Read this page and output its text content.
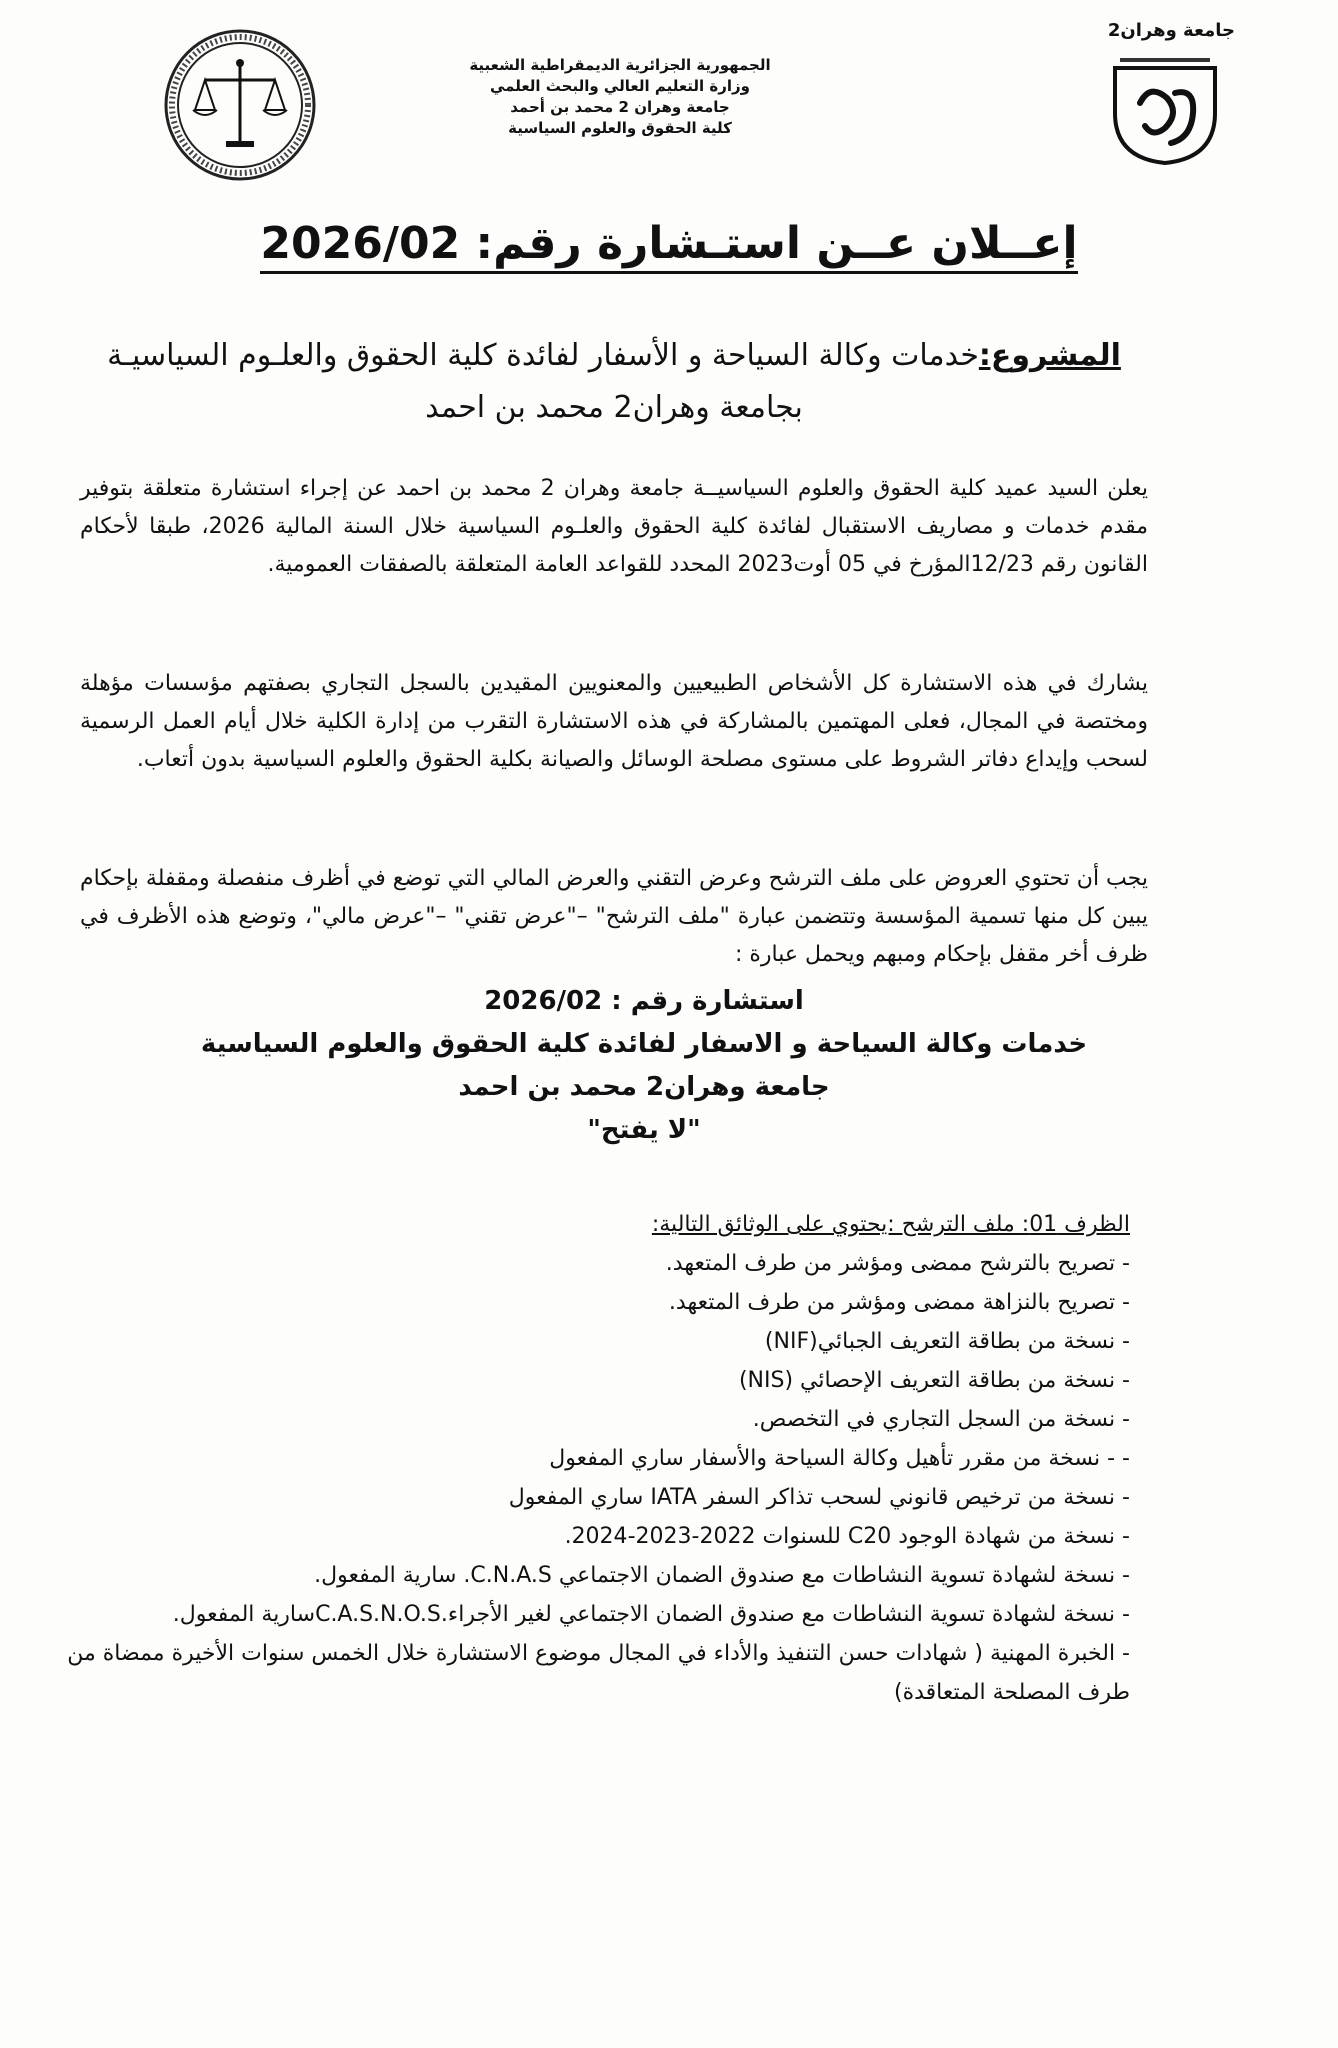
جامعة وهران2
الجمهورية الجزائرية الديمقراطية الشعبية
وزارة التعليم العالي والبحث العلمي
جامعة وهران 2 محمد بن أحمد
كلية الحقوق والعلوم السياسية
إعــلان عــن استـشارة رقم: 2026/02
المشروع:خدمات وكالة السياحة و الأسفار لفائدة كلية الحقوق والعلـوم السياسيـة بجامعة وهران2 محمد بن احمد
يعلن السيد عميد كلية الحقوق والعلوم السياسيــة جامعة وهران 2 محمد بن احمد عن إجراء استشارة متعلقة بتوفير مقدم خدمات و مصاريف الاستقبال لفائدة كلية الحقوق والعلـوم السياسية خلال السنة المالية 2026، طبقا لأحكام القانون رقم 12/23المؤرخ في 05 أوت2023 المحدد للقواعد العامة المتعلقة بالصفقات العمومية.
يشارك في هذه الاستشارة كل الأشخاص الطبيعيين والمعنويين المقيدين بالسجل التجاري بصفتهم مؤسسات مؤهلة ومختصة في المجال، فعلى المهتمين بالمشاركة في هذه الاستشارة التقرب من إدارة الكلية خلال أيام العمل الرسمية لسحب وإيداع دفاتر الشروط على مستوى مصلحة الوسائل والصيانة بكلية الحقوق والعلوم السياسية بدون أتعاب.
يجب أن تحتوي العروض على ملف الترشح وعرض التقني والعرض المالي التي توضع في أظرف منفصلة ومقفلة بإحكام يبين كل منها تسمية المؤسسة وتتضمن عبارة "ملف الترشح" –"عرض تقني" –"عرض مالي"، وتوضع هذه الأظرف في ظرف أخر مقفل بإحكام ومبهم ويحمل عبارة :
استشارة رقم : 2026/02
خدمات وكالة السياحة و الاسفار لفائدة كلية الحقوق والعلوم السياسية
جامعة وهران2 محمد بن احمد
"لا يفتح"
الظرف 01: ملف الترشح :يحتوي على الوثائق التالية:
- تصريح بالترشح ممضى ومؤشر من طرف المتعهد.
- تصريح بالنزاهة ممضى ومؤشر من طرف المتعهد.
- نسخة من بطاقة التعريف الجبائي(NIF)
- نسخة من بطاقة التعريف الإحصائي (NIS)
- نسخة من السجل التجاري في التخصص.
- - نسخة من مقرر تأهيل وكالة السياحة والأسفار ساري المفعول
- نسخة من ترخيص قانوني لسحب تذاكر السفر IATA ساري المفعول
- نسخة من شهادة الوجود C20 للسنوات 2022-2023-2024.
- نسخة لشهادة تسوية النشاطات مع صندوق الضمان الاجتماعي C.N.A.S. سارية المفعول.
- نسخة لشهادة تسوية النشاطات مع صندوق الضمان الاجتماعي لغير الأجراء.C.A.S.N.O.Sسارية المفعول.
- الخبرة المهنية ( شهادات حسن التنفيذ والأداء في المجال موضوع الاستشارة خلال الخمس سنوات الأخيرة ممضاة من طرف المصلحة المتعاقدة)
